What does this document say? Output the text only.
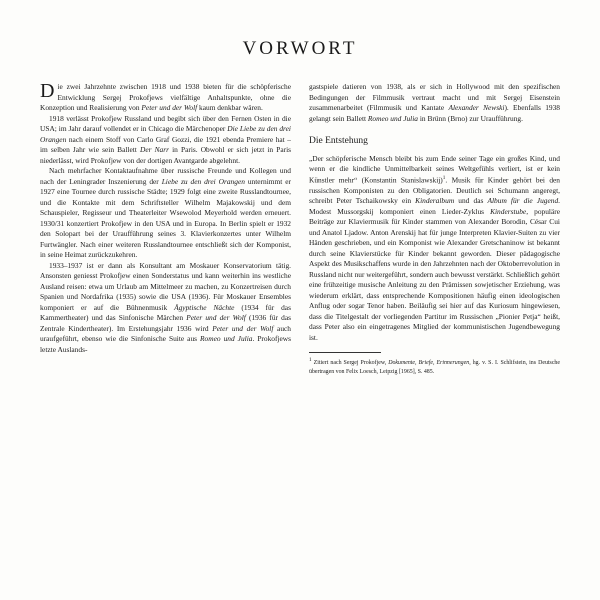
VORWORT

Die zwei Jahrzehnte zwischen 1918 und 1938 bieten für die schöpferische Entwicklung Sergej Prokofjews vielfältige Anhaltspunkte, ohne die Konzeption und Realisierung von Peter und der Wolf kaum denkbar wären.

1918 verlässt Prokofjew Russland und begibt sich über den Fernen Osten in die USA; im Jahr darauf vollendet er in Chicago die Märchenoper Die Liebe zu den drei Orangen nach einem Stoff von Carlo Graf Gozzi, die 1921 ebenda Premiere hat – im selben Jahr wie sein Ballett Der Narr in Paris. Obwohl er sich jetzt in Paris niederlässt, wird Prokofjew von der dortigen Avantgarde abgelehnt.

Nach mehrfacher Kontaktaufnahme über russische Freunde und Kollegen und nach der Leningrader Inszenierung der Liebe zu den drei Orangen unternimmt er 1927 eine Tournee durch russische Städte; 1929 folgt eine zweite Russlandtournee, und die Kontakte mit dem Schriftsteller Wilhelm Majakowskij und dem Schauspieler, Regisseur und Theaterleiter Wsewolod Meyerhold werden erneuert. 1930/31 konzertiert Prokofjew in den USA und in Europa. In Berlin spielt er 1932 den Solopart bei der Uraufführung seines 3. Klavierkonzertes unter Wilhelm Furtwängler. Nach einer weiteren Russlandtournee entschließt sich der Komponist, in seine Heimat zurückzukehren.

1933–1937 ist er dann als Konsultant am Moskauer Konservatorium tätig. Ansonsten geniesst Prokofjew einen Sonderstatus und kann weiterhin ins westliche Ausland reisen: etwa um Urlaub am Mittelmeer zu machen, zu Konzertreisen durch Spanien und Nordafrika (1935) sowie die USA (1936). Für Moskauer Ensembles komponiert er auf die Bühnenmusik Ägyptische Nächte (1934 für das Kammertheater) und das Sinfonische Märchen Peter und der Wolf (1936 für das Zentrale Kindertheater). Im Erstehungsjahr 1936 wird Peter und der Wolf auch uraufgeführt, ebenso wie die Sinfonische Suite aus Romeo und Julia. Prokofjews letzte Auslands-

gastspiele datieren von 1938, als er sich in Hollywood mit den spezifischen Bedingungen der Filmmusik vertraut macht und mit Sergej Eisenstein zusammenarbeitet (Filmmusik und Kantate Alexander Newski). Ebenfalls 1938 gelangt sein Ballett Romeo und Julia in Brünn (Brno) zur Uraufführung.

Die Entstehung

„Der schöpferische Mensch bleibt bis zum Ende seiner Tage ein großes Kind, und wenn er die kindliche Unmittelbarkeit seines Weltgefühls verliert, ist er kein Künstler mehr“ (Konstantin Stanislawskij)$^1$. Musik für Kinder gehört bei den russischen Komponisten zu den Obligatorien. Deutlich sei Schumann angeregt, schreibt Peter Tschaikowsky ein Kinderalbum und das Album für die Jugend. Modest Mussorgskij komponiert einen Lieder-Zyklus Kinderstube, populäre Beiträge zur Klaviermusik für Kinder stammen von Alexander Borodin, César Cui und Anatol Ljadow. Anton Arenskij hat für junge Interpreten Klavier-Suiten zu vier Händen geschrieben, und ein Komponist wie Alexander Gretschaninow ist bekannt durch seine Klavierstücke für Kinder bekannt geworden. Dieser pädagogische Aspekt des Musikschaffens wurde in den Jahrzehnten nach der Oktoberrevolution in Russland nicht nur weitergeführt, sondern auch bewusst verstärkt. Schließlich gehört eine frühzeitige musische Anleitung zu den Prämissen sowjetischer Erziehung, was wiederum erklärt, dass entsprechende Kompositionen häufig einen ideologischen Anflug oder sogar Tenor haben. Beiläufig sei hier auf das Kuriosum hingewiesen, dass die Titelgestalt der vorliegenden Partitur im Russischen „Pionier Petja“ heißt, dass Peter also ein eingetragenes Mitglied der kommunistischen Jugendbewegung ist.

1 Zitiert nach Sergej Prokofjew, Dokumente, Briefe, Erinnerungen, hg. v. S. I. Schlifstein, ins Deutsche übertragen von Felix Loesch, Leipzig [1965], S. 485.
